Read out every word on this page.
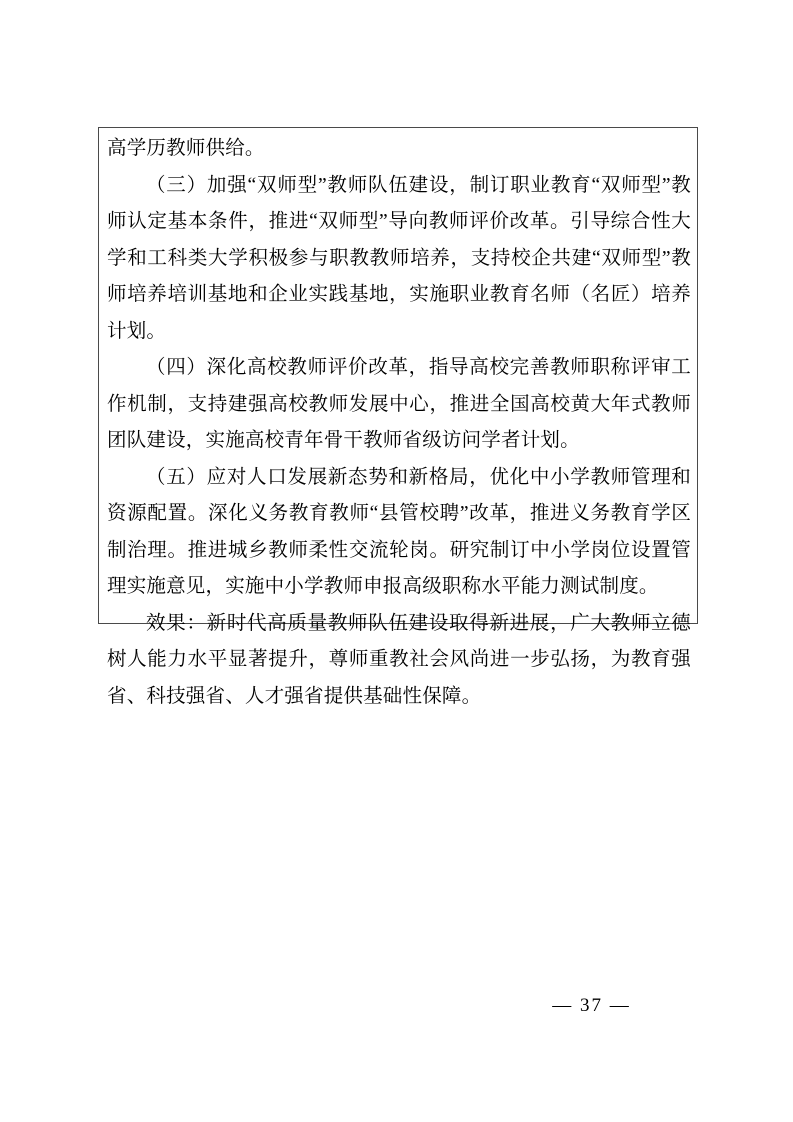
高学历教师供给。

（三）加强“双师型”教师队伍建设，制订职业教育“双师型”教师认定基本条件，推进“双师型”导向教师评价改革。引导综合性大学和工科类大学积极参与职教教师培养，支持校企共建“双师型”教师培养培训基地和企业实践基地，实施职业教育名师（名匠）培养计划。

（四）深化高校教师评价改革，指导高校完善教师职称评审工作机制，支持建强高校教师发展中心，推进全国高校黄大年式教师团队建设，实施高校青年骨干教师省级访问学者计划。

（五）应对人口发展新态势和新格局，优化中小学教师管理和资源配置。深化义务教育教师“县管校聘”改革，推进义务教育学区制治理。推进城乡教师柔性交流轮岗。研究制订中小学岗位设置管理实施意见，实施中小学教师申报高级职称水平能力测试制度。

效果：新时代高质量教师队伍建设取得新进展，广大教师立德树人能力水平显著提升，尊师重教社会风尚进一步弘扬，为教育强省、科技强省、人才强省提供基础性保障。

— 37 —
